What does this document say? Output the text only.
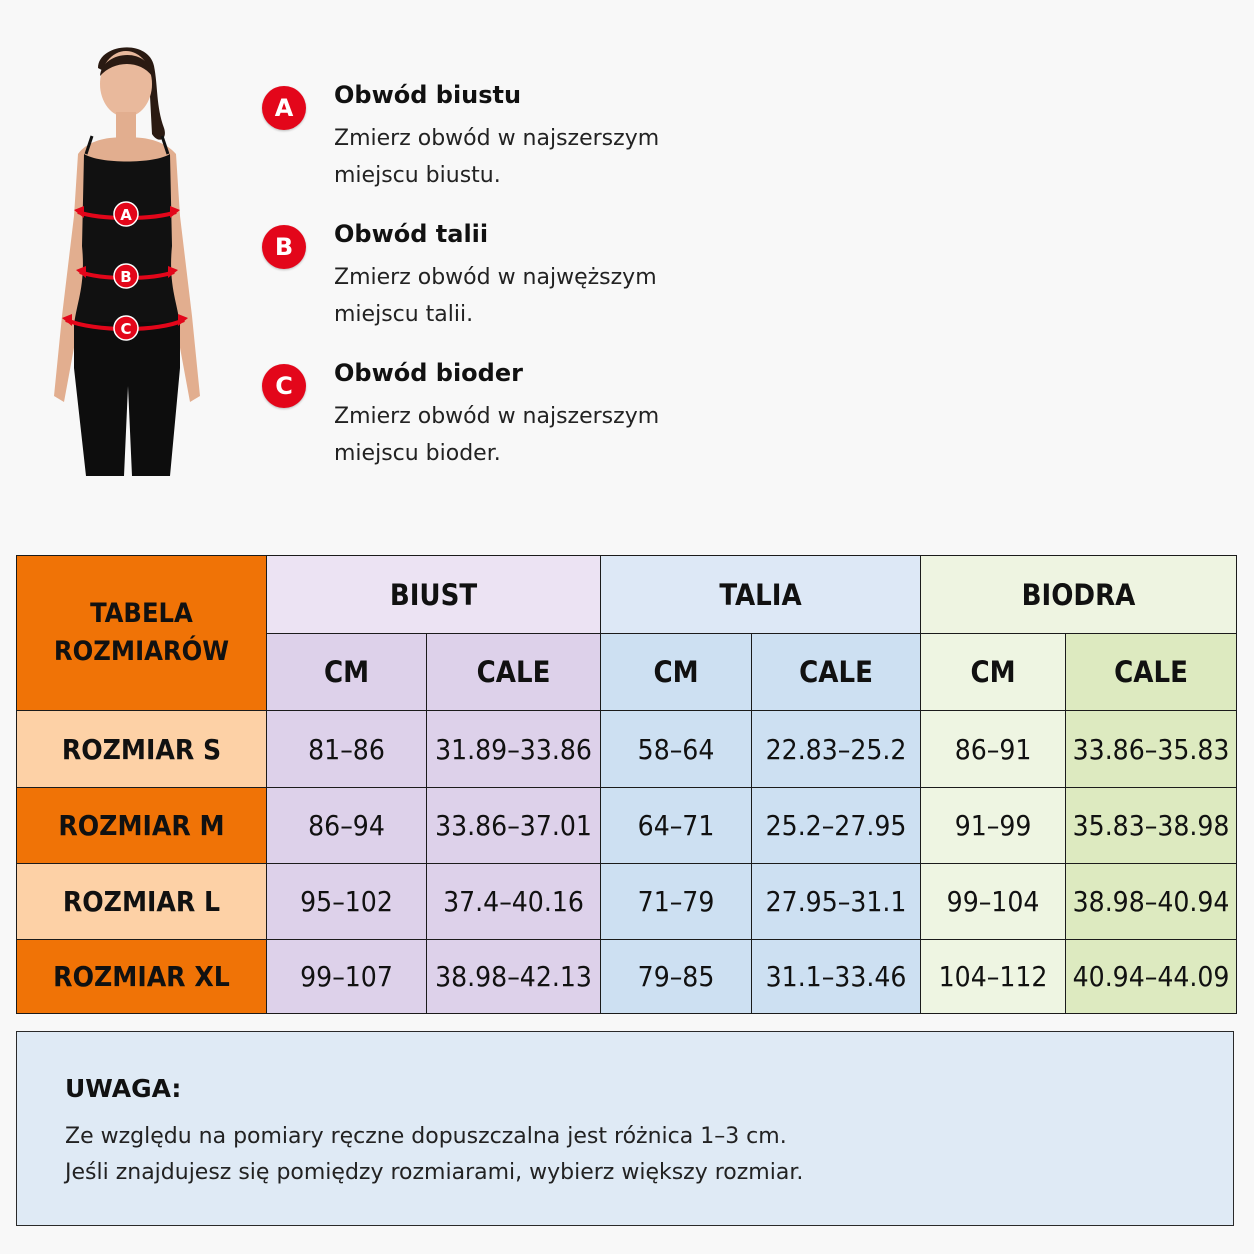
A
B
C
A	Obwód biustu
Zmierz obwód w najszerszym
miejscu biustu.
B	Obwód talii
Zmierz obwód w najwęższym
miejscu talii.
C	Obwód bioder
Zmierz obwód w najszerszym
miejscu bioder.
TABELA
ROZMIARÓW	BIUST		TALIA		BIODRA	
	CM	CALE	CM	CALE	CM	CALE
ROZMIAR S	81–86	31.89–33.86	58–64	22.83–25.2	86–91	33.86–35.83
ROZMIAR M	86–94	33.86–37.01	64–71	25.2–27.95	91–99	35.83–38.98
ROZMIAR L	95–102	37.4–40.16	71–79	27.95–31.1	99–104	38.98–40.94
ROZMIAR XL	99–107	38.98–42.13	79–85	31.1–33.46	104–112	40.94–44.09
UWAGA:
Ze względu na pomiary ręczne dopuszczalna jest różnica 1–3 cm.
Jeśli znajdujesz się pomiędzy rozmiarami, wybierz większy rozmiar.
